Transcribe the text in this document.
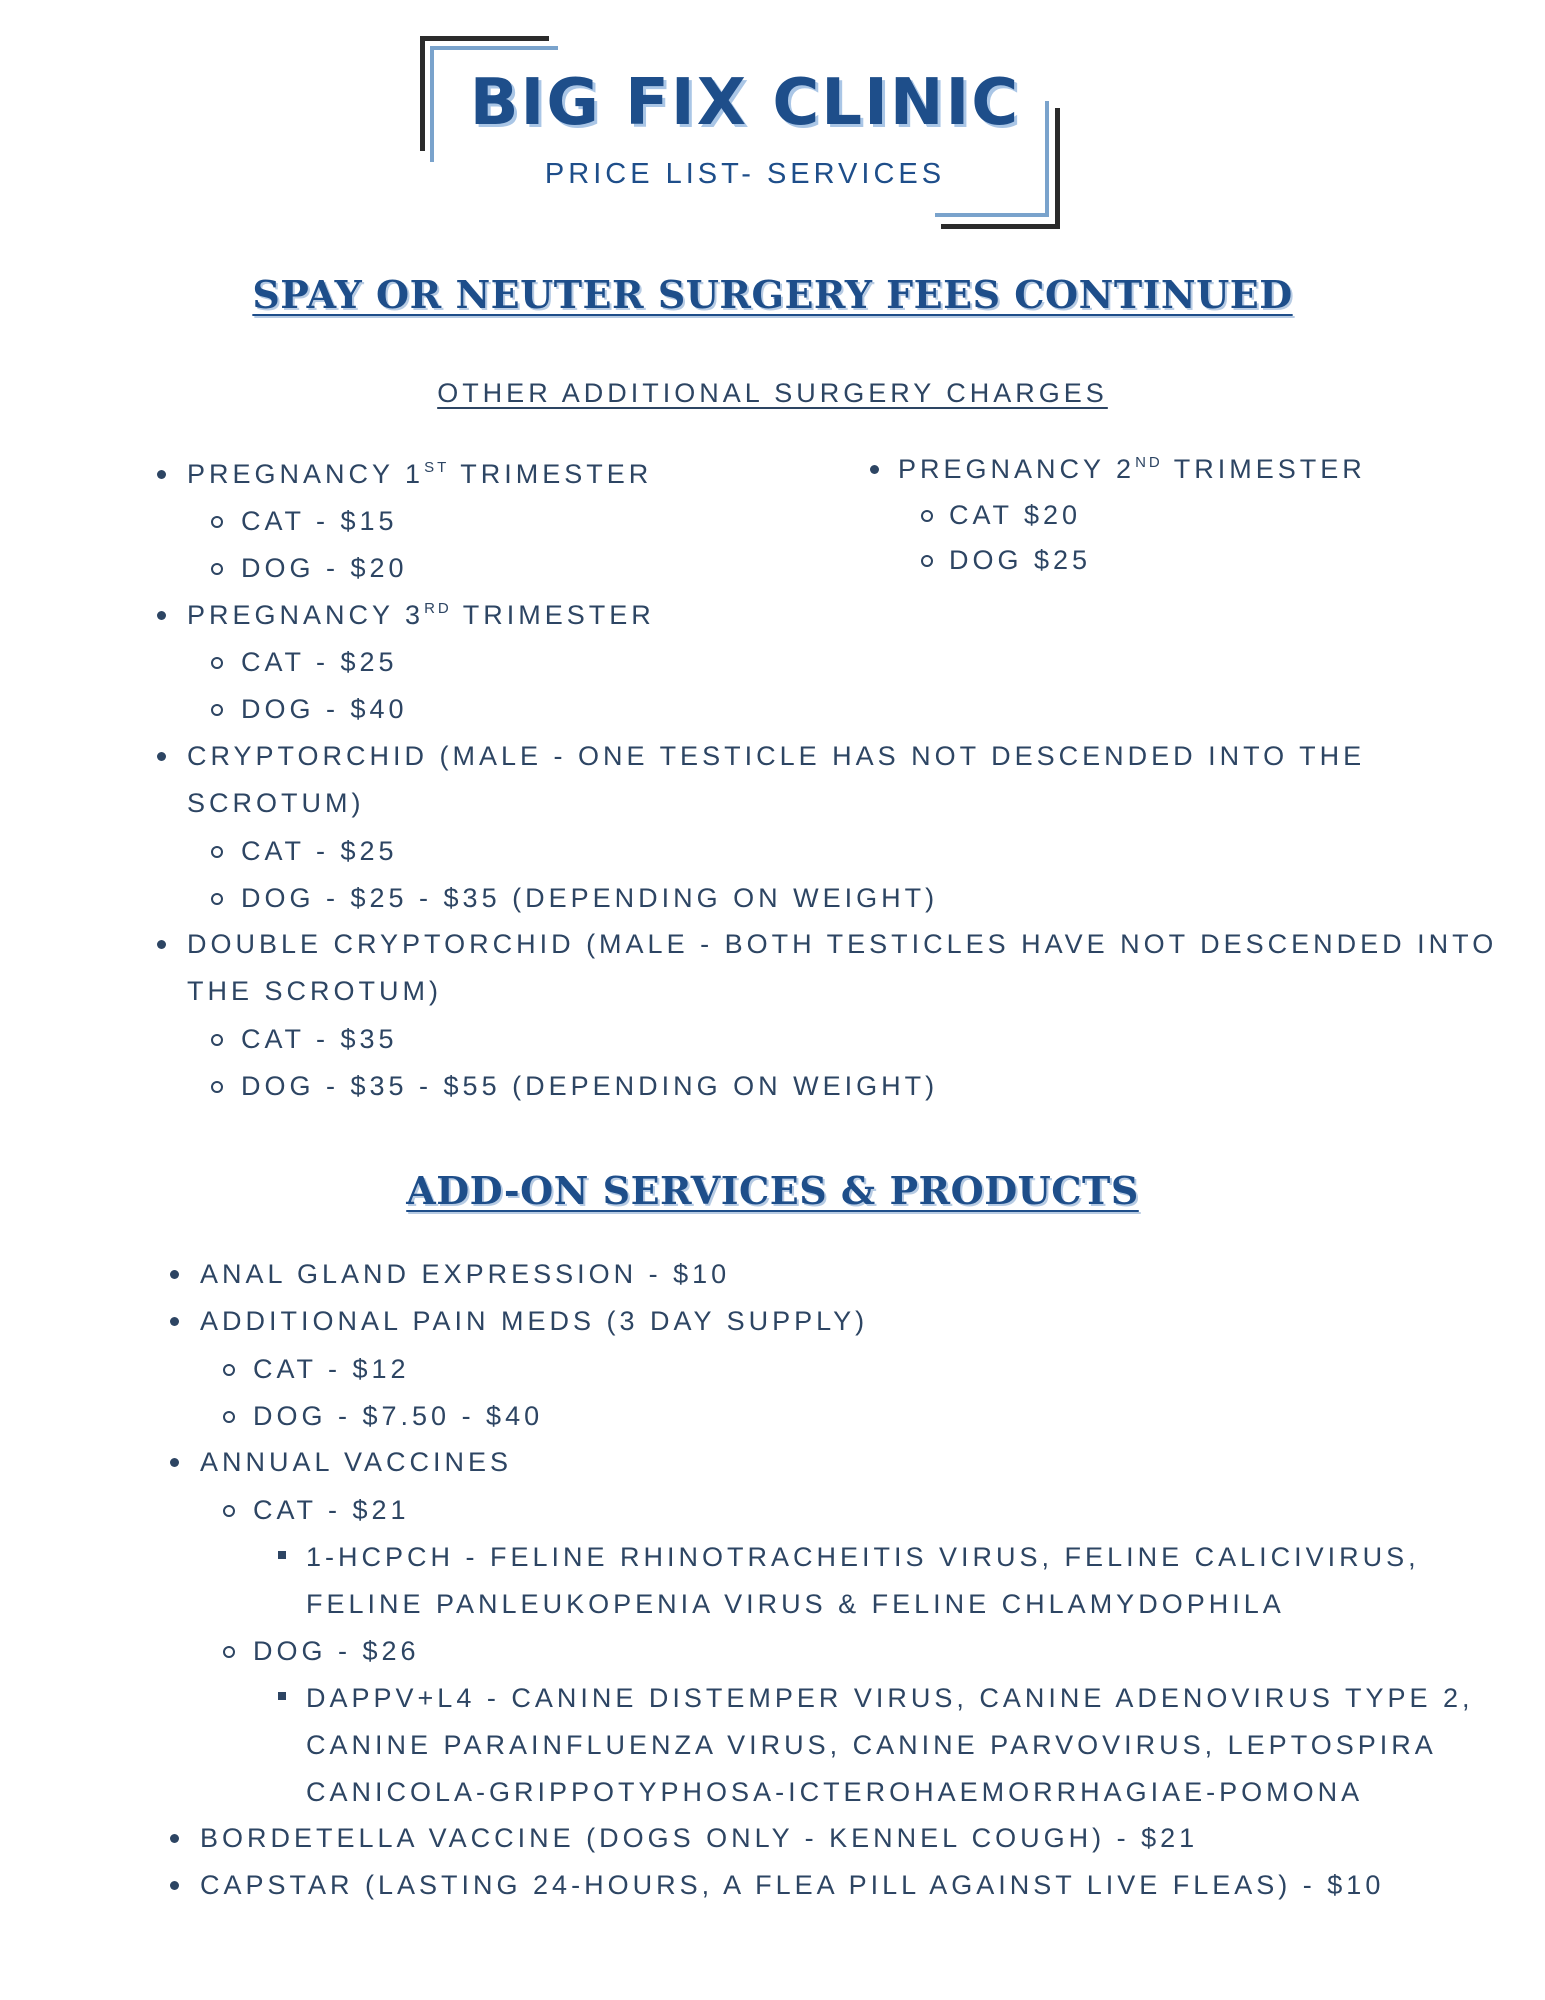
BIG FIX CLINIC
PRICE LIST- SERVICES
SPAY OR NEUTER SURGERY FEES CONTINUED
OTHER ADDITIONAL SURGERY CHARGES
PREGNANCY 1ST TRIMESTER
CAT - $15
DOG - $20
PREGNANCY 2ND TRIMESTER
CAT $20
DOG $25
PREGNANCY 3RD TRIMESTER
CAT - $25
DOG - $40
CRYPTORCHID (MALE - ONE TESTICLE HAS NOT DESCENDED INTO THE
SCROTUM)
CAT - $25
DOG - $25 - $35 (DEPENDING ON WEIGHT)
DOUBLE CRYPTORCHID (MALE - BOTH TESTICLES HAVE NOT DESCENDED INTO
THE SCROTUM)
CAT - $35
DOG - $35 - $55 (DEPENDING ON WEIGHT)
ADD-ON SERVICES & PRODUCTS
ANAL GLAND EXPRESSION - $10
ADDITIONAL PAIN MEDS (3 DAY SUPPLY)
CAT - $12
DOG - $7.50 - $40
ANNUAL VACCINES
CAT - $21
1-HCPCH - FELINE RHINOTRACHEITIS VIRUS, FELINE CALICIVIRUS,
FELINE PANLEUKOPENIA VIRUS & FELINE CHLAMYDOPHILA
DOG - $26
DAPPV+L4 - CANINE DISTEMPER VIRUS, CANINE ADENOVIRUS TYPE 2,
CANINE PARAINFLUENZA VIRUS, CANINE PARVOVIRUS, LEPTOSPIRA
CANICOLA-GRIPPOTYPHOSA-ICTEROHAEMORRHAGIAE-POMONA
BORDETELLA VACCINE (DOGS ONLY - KENNEL COUGH) - $21
CAPSTAR (LASTING 24-HOURS, A FLEA PILL AGAINST LIVE FLEAS) - $10
